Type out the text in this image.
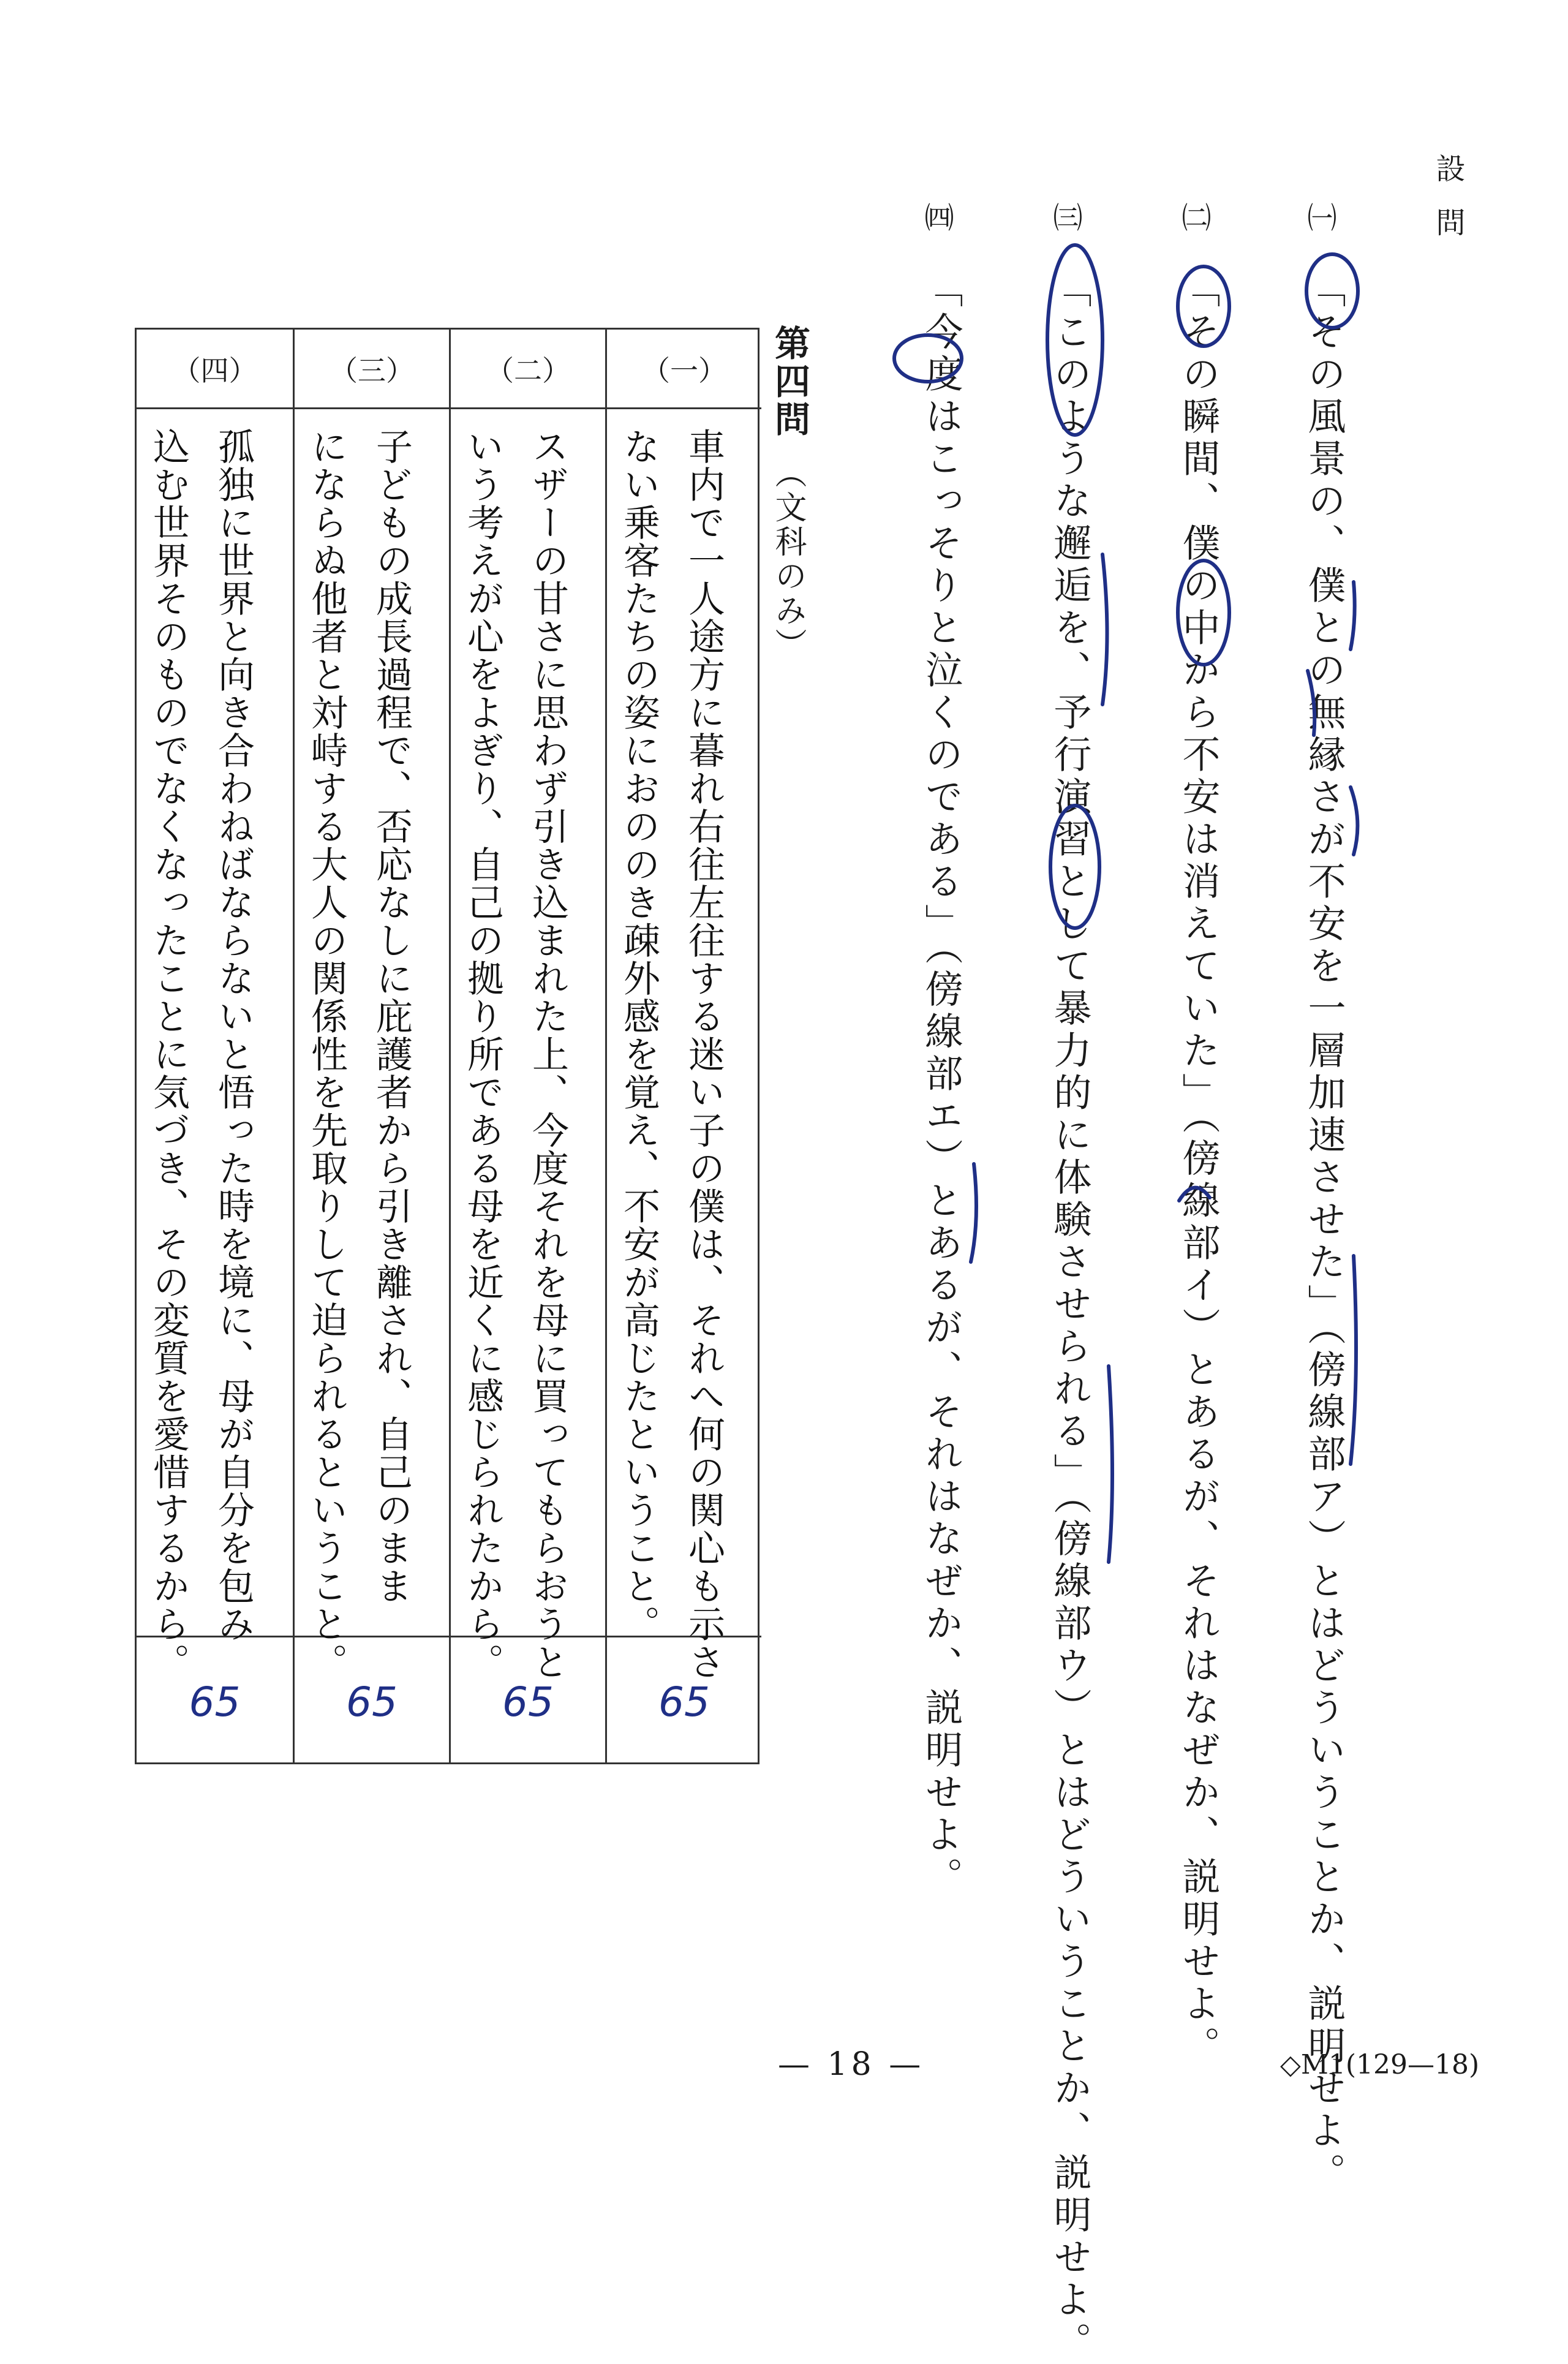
設問
㈠
「その風景の、僕との無縁さが不安を一層加速させた」（傍線部ア）とはどういうことか、説明せよ。
㈡
「その瞬間、僕の中から不安は消えていた」（傍線部イ）とあるが、それはなぜか、説明せよ。
㈢
「このような邂逅を、予行演習として暴力的に体験させられる」（傍線部ウ）とはどういうことか、説明せよ。
㈣
「今度はこっそりと泣くのである」（傍線部エ）とあるが、それはなぜか、説明せよ。
第四問
（文科のみ）
（四）
孤独に世界と向き合わねばならないと悟った時を境に、母が自分を包み
込む世界そのものでなくなったことに気づき、その変質を愛惜するから。
65
（三）
子どもの成長過程で、否応なしに庇護者から引き離され、自己のまま
にならぬ他者と対峙する大人の関係性を先取りして迫られるということ。
65
（二）
スザーの甘さに思わず引き込まれた上、今度それを母に買ってもらおうと
いう考えが心をよぎり、自己の拠り所である母を近くに感じられたから。
65
（一）
車内で一人途方に暮れ右往左往する迷い子の僕は、それへ何の関心も示さ
ない乗客たちの姿におののき疎外感を覚え、不安が高じたということ。
65
— 18 —	◇M1(129—18)
